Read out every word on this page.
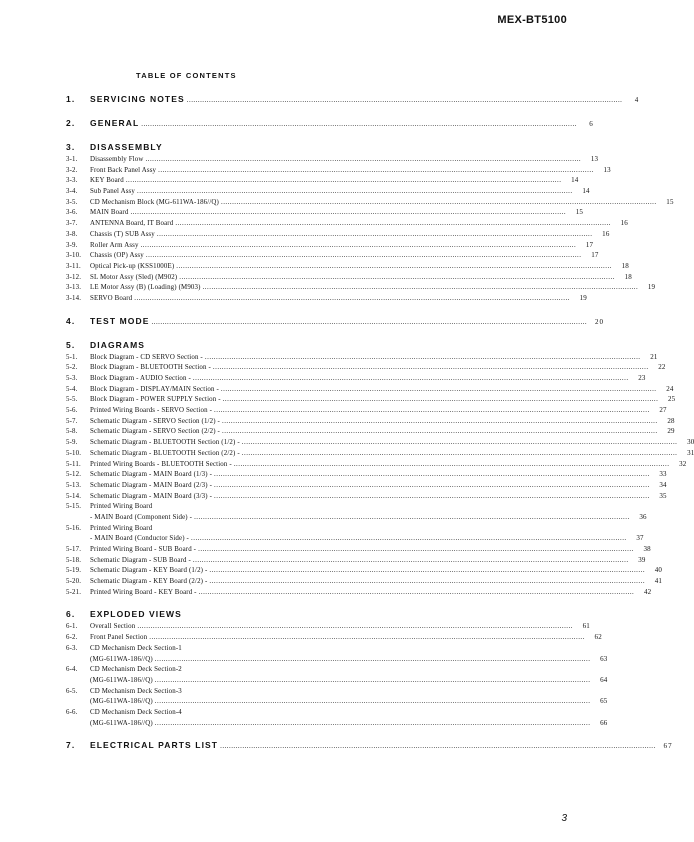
MEX-BT5100
TABLE OF CONTENTS
1.	SERVICING NOTES .....	4
2.	GENERAL .....	6
3.	DISASSEMBLY
3-1.	Disassembly Flow .....	13
3-2.	Front Back Panel Assy .....	13
3-3.	KEY Board .....	14
3-4.	Sub Panel Assy .....	14
3-5.	CD Mechanism Block (MG-611WA-186//Q) .....	15
3-6.	MAIN Board .....	15
3-7.	ANTENNA Board, IT Board .....	16
3-8.	Chassis (T) SUB Assy .....	16
3-9.	Roller Arm Assy .....	17
3-10.	Chassis (OP) Assy .....	17
3-11.	Optical Pick-up (KSS1000E) .....	18
3-12.	SL Motor Assy (Sled) (M902) .....	18
3-13.	LE Motor Assy (B) (Loading) (M903) .....	19
3-14.	SERVO Board .....	19
4.	TEST MODE .....	20
5.	DIAGRAMS
5-1.	Block Diagram - CD SERVO Section - .....	21
5-2.	Block Diagram - BLUETOOTH Section - .....	22
5-3.	Block Diagram - AUDIO Section - .....	23
5-4.	Block Diagram - DISPLAY/MAIN Section - .....	24
5-5.	Block Diagram - POWER SUPPLY Section - .....	25
5-6.	Printed Wiring Boards - SERVO Section - .....	27
5-7.	Schematic Diagram - SERVO Section (1/2) - .....	28
5-8.	Schematic Diagram - SERVO Section (2/2) - .....	29
5-9.	Schematic Diagram - BLUETOOTH Section (1/2) - .....	30
5-10.	Schematic Diagram - BLUETOOTH Section (2/2) - .....	31
5-11.	Printed Wiring Boards - BLUETOOTH Section - .....	32
5-12.	Schematic Diagram - MAIN Board (1/3) - .....	33
5-13.	Schematic Diagram - MAIN Board (2/3) - .....	34
5-14.	Schematic Diagram - MAIN Board (3/3) - .....	35
5-15.	Printed Wiring Board
- MAIN Board (Component Side) - .....	36
5-16.	Printed Wiring Board
- MAIN Board (Conductor Side) - .....	37
5-17.	Printed Wiring Board - SUB Board - .....	38
5-18.	Schematic Diagram - SUB Board - .....	39
5-19.	Schematic Diagram - KEY Board (1/2) - .....	40
5-20.	Schematic Diagram - KEY Board (2/2) - .....	41
5-21.	Printed Wiring Board - KEY Board - .....	42
6.	EXPLODED VIEWS
6-1.	Overall Section .....	61
6-2.	Front Panel Section .....	62
6-3.	CD Mechanism Deck Section-1
(MG-611WA-186//Q) .....	63
6-4.	CD Mechanism Deck Section-2
(MG-611WA-186//Q) .....	64
6-5.	CD Mechanism Deck Section-3
(MG-611WA-186//Q) .....	65
6-6.	CD Mechanism Deck Section-4
(MG-611WA-186//Q) .....	66
7.	ELECTRICAL PARTS LIST .....	67
3
